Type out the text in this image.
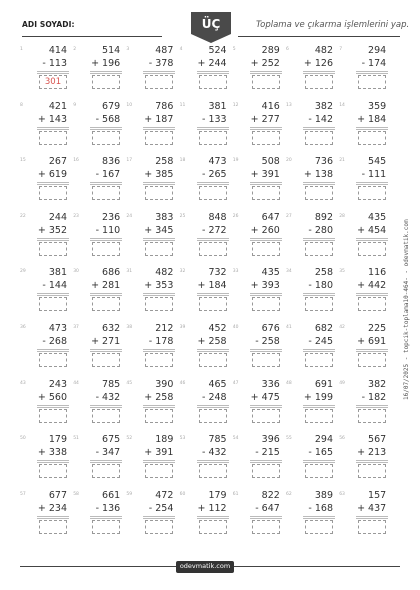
ADI SOYADI:	ÜÇ	Toplama ve çıkarma işlemlerini yap.
1	414
- 113
301
2	514
+ 196
3	487
- 378
4	524
+ 244
5	289
+ 252
6	482
+ 126
7	294
- 174
8	421
+ 143
9	679
- 568
10 786
+ 187
11 381
- 133
12 416
+ 277
13 382
- 142
14 359
+ 184
15 267
+ 619
16 836
- 167
17 258
+ 385
18 473
- 265
19 508
+ 391
20 736
+ 138
21 545
- 111
22 244
+ 352
23 236
- 110
24 383
+ 345
25 848
- 272
26 647
+ 260
27 892
- 280
28 435
+ 454
29 381
- 144
30 686
+ 281
31 482
+ 353
32 732
+ 184
33 435
+ 393
34 258
- 180
35 116
+ 442
36 473
- 268
37 632
+ 271
38 212
- 178
39 452
+ 258
40 676
- 258
41 682
- 245
42 225
+ 691
43 243
+ 560
44 785
- 432
45 390
+ 258
46 465
- 248
47 336
+ 475
48 691
+ 199
49 382
- 182
50 179
+ 338
51 675
- 347
52 189
+ 391
53 785
- 432
54 396
- 215
55 294
- 165
56 567
+ 213
57 677
+ 234
58 661
- 136
59 472
- 254
60 179
+ 112
61 822
- 647
62 389
- 168
63 157
+ 437
16/07/2025 - topcik-toplama10-464- - odevmatik.com
odevmatik.com
